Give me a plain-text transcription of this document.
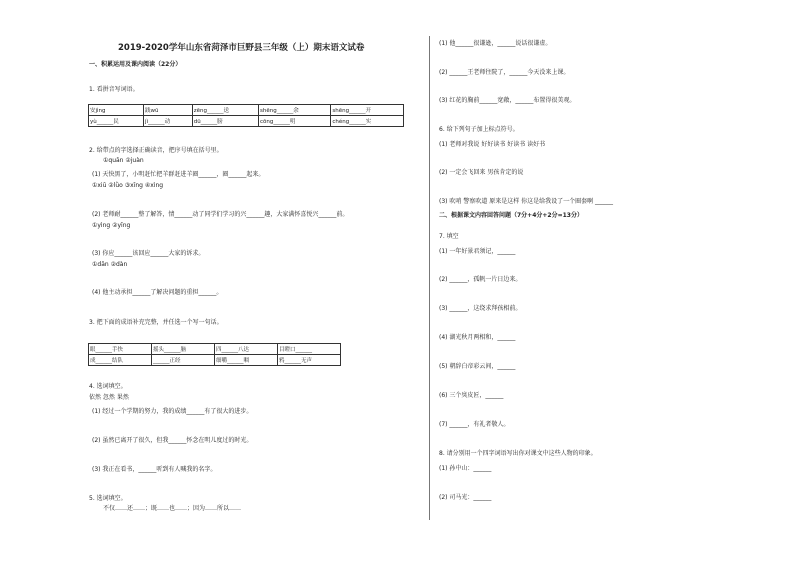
2019-2020学年山东省菏泽市巨野县三年级（上）期末语文试卷
一、积累运用及课内阅读（22分）
1. 看拼音写词语。
安jìng	践wū	zēng______送	shēng______余	shēng______开
yù______民	jì______动	dū______膀	cōng______明	chéng______实
2. 给带点的字选择正确读音，把序号填在括号里。
①quān ②juàn
(1) 天快黑了，小明赶忙把羊群赶进羊圈______，圈______起来。
①xiū ②lǜo ③xīng ④xìng
(2) 老师耐______整了解答，情______动了同学们学习的兴______趣，大家满怀喜悦兴______前。
①yìng ②yīng
(3) 你应______该回应______大家的诉求。
①dān ②dàn
(4) 他主动承担______了解决问题的重担______。
3. 把下面的成语补充完整，并任选一个写一句话。
眼______手快	摇头______脑	四______八达	目瞪口______
成______结队	______正经	细嚼______咽	鸦______无声
4. 选词填空。
依然 忽然 果然
(1) 经过一个学期的努力，我的成绩______有了很大的进步。
(2) 虽然已离开了很久，但我______怀念在明儿度过的时光。
(3) 我正在看书，______听到有人喊我的名字。
5. 选词填空。
不仅……还……；既……也……；因为……所以……
(1) 他______很谦逊，______说话很谦虚。
(2) ______王老师往院了，______今天没来上课。
(3) 红花的胸前______宽敞，______布置得很美观。
6. 给下列句子加上标点符号。
(1) 老师对我说 好好读书 好读书 读好书
(2) 一定会飞回来 男孩肯定的说
(3) 吹哨 警察吹道 原来是这样 你这是给我设了一个圈套啊 ______
二、根据课文内容回答问题（7分+4分+2分=13分）
7. 填空
(1) 一年好景君须记，______
(2) ______，孤帆一片日边来。
(3) ______，这绕求拜孩相前。
(4) 湖光秋月两相和，______
(5) 朝辞白帝彩云间，______
(6) 三个臭皮匠，______
(7) ______，有礼者敬人。
8. 请分别用一个四字词语写出你对课文中这些人物的印象。
(1) 孙中山：______
(2) 司马光：______
